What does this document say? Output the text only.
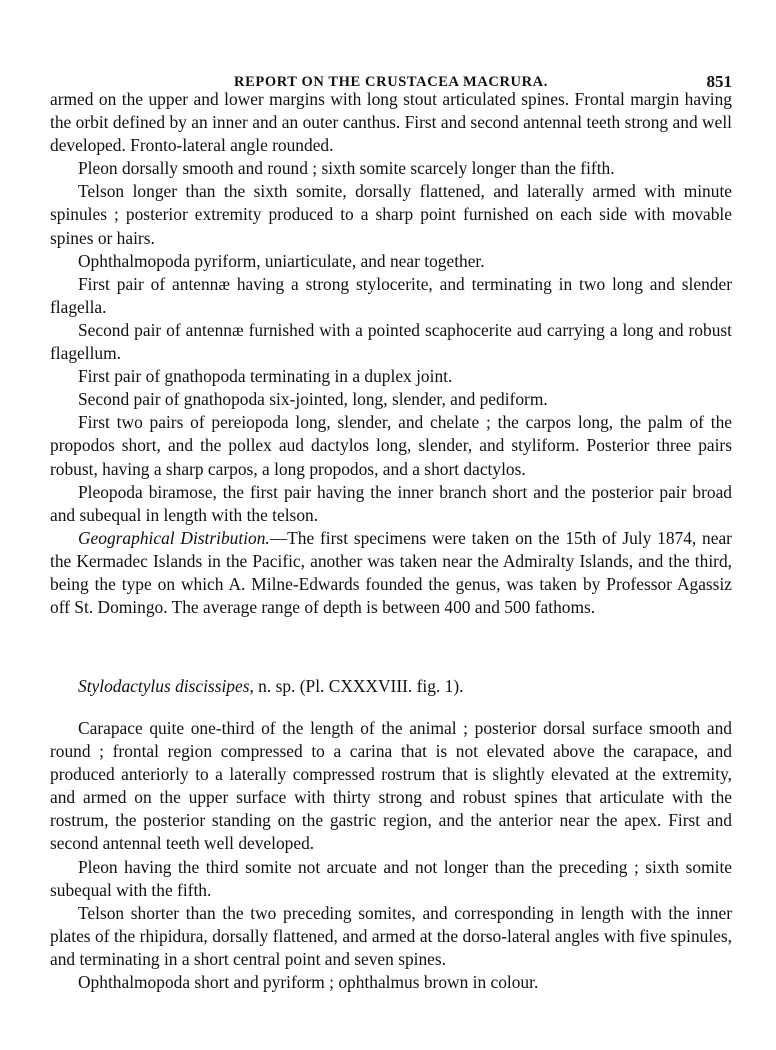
REPORT ON THE CRUSTACEA MACRURA.	851

armed on the upper and lower margins with long stout articulated spines. Frontal margin having the orbit defined by an inner and an outer canthus. First and second antennal teeth strong and well developed. Fronto-lateral angle rounded.

Pleon dorsally smooth and round ; sixth somite scarcely longer than the fifth.

Telson longer than the sixth somite, dorsally flattened, and laterally armed with minute spinules ; posterior extremity produced to a sharp point furnished on each side with movable spines or hairs.

Ophthalmopoda pyriform, uniarticulate, and near together.

First pair of antennæ having a strong stylocerite, and terminating in two long and slender flagella.

Second pair of antennæ furnished with a pointed scaphocerite aud carrying a long and robust flagellum.

First pair of gnathopoda terminating in a duplex joint.

Second pair of gnathopoda six-jointed, long, slender, and pediform.

First two pairs of pereiopoda long, slender, and chelate ; the carpos long, the palm of the propodos short, and the pollex aud dactylos long, slender, and styliform. Posterior three pairs robust, having a sharp carpos, a long propodos, and a short dactylos.

Pleopoda biramose, the first pair having the inner branch short and the posterior pair broad and subequal in length with the telson.

Geographical Distribution.—The first specimens were taken on the 15th of July 1874, near the Kermadec Islands in the Pacific, another was taken near the Admiralty Islands, and the third, being the type on which A. Milne-Edwards founded the genus, was taken by Professor Agassiz off St. Domingo. The average range of depth is between 400 and 500 fathoms.

Stylodactylus discissipes, n. sp. (Pl. CXXXVIII. fig. 1).

Carapace quite one-third of the length of the animal ; posterior dorsal surface smooth and round ; frontal region compressed to a carina that is not elevated above the carapace, and produced anteriorly to a laterally compressed rostrum that is slightly elevated at the extremity, and armed on the upper surface with thirty strong and robust spines that articulate with the rostrum, the posterior standing on the gastric region, and the anterior near the apex. First and second antennal teeth well developed.

Pleon having the third somite not arcuate and not longer than the preceding ; sixth somite subequal with the fifth.

Telson shorter than the two preceding somites, and corresponding in length with the inner plates of the rhipidura, dorsally flattened, and armed at the dorso-lateral angles with five spinules, and terminating in a short central point and seven spines.

Ophthalmopoda short and pyriform ; ophthalmus brown in colour.
